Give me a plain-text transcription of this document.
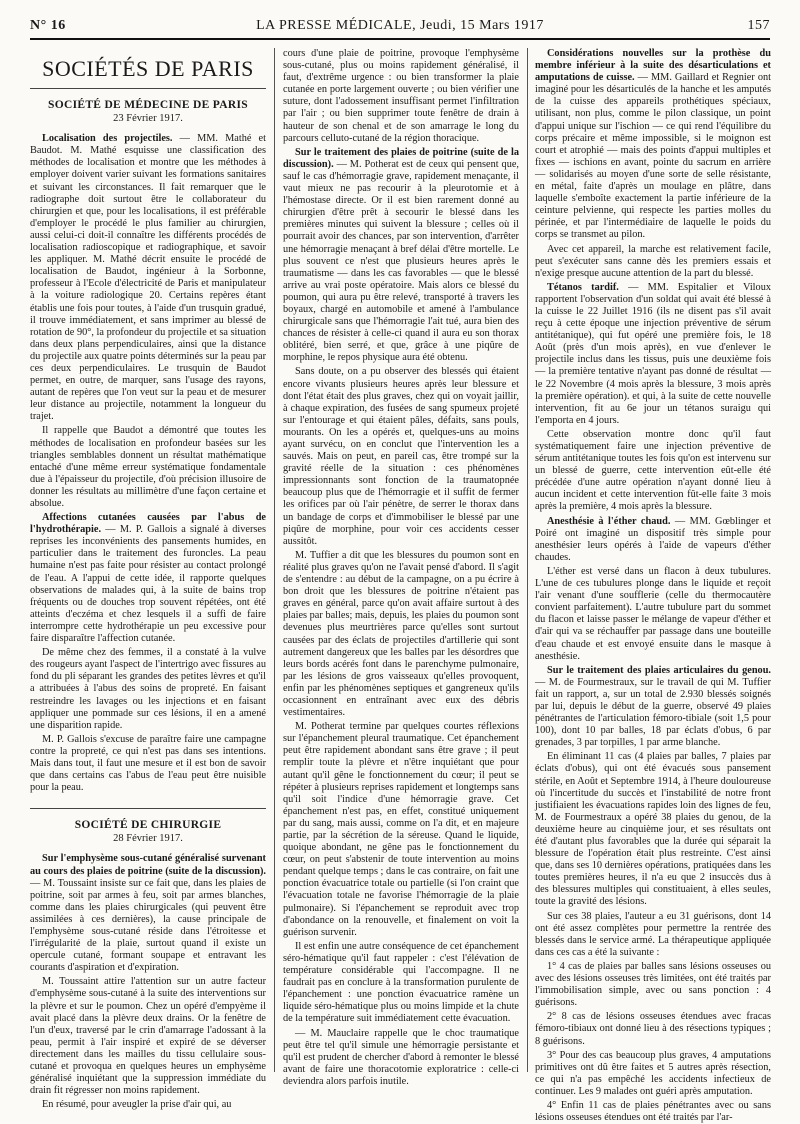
N° 16	LA PRESSE MÉDICALE, Jeudi, 15 Mars 1917	157
SOCIÉTÉS DE PARIS
SOCIÉTÉ DE MÉDECINE DE PARIS
23 Février 1917.

Localisation des projectiles. — MM. Mathé et Baudot. M. Mathé esquisse une classification des méthodes de localisation et montre que les méthodes à employer doivent varier suivant les formations sanitaires et suivant les circonstances. Il fait remarquer que le radiographe doit surtout être le collaborateur du chirurgien et que, pour les localisations, il est préférable d'employer le procédé le plus familier au chirurgien, aussi celui-ci doit-il connaître les différents procédés de localisation radioscopique et radiographique, et savoir les appliquer. M. Mathé décrit ensuite le procédé de localisation de Baudot, ingénieur à la Sorbonne, professeur à l'Ecole d'électricité de Paris et manipulateur à la voiture radiologique 20. Certains repères étant établis une fois pour toutes, à l'aide d'un trusquin gradué, il trouve immédiatement, et sans imprimer au blessé de rotation de 90°, la profondeur du projectile et sa situation dans deux plans perpendiculaires, ainsi que la distance du projectile aux quatre points déterminés sur la peau par ces deux perpendiculaires. Le trusquin de Baudot permet, en outre, de marquer, sans l'usage des rayons, autant de repères que l'on veut sur la peau et de mesurer leur distance au projectile, notamment la longueur du trajet.

Il rappelle que Baudot a démontré que toutes les méthodes de localisation en profondeur basées sur les triangles semblables donnent un résultat mathématique entaché d'une même erreur systématique fondamentale due à l'épaisseur du projectile, d'où précision illusoire de donner les résultats au millimètre d'une façon certaine et absolue.

Affections cutanées causées par l'abus de l'hydrothérapie. — M. P. Gallois a signalé à diverses reprises les inconvénients des pansements humides, en particulier dans le traitement des furoncles. La peau humaine n'est pas faite pour résister au contact prolongé de l'eau. A l'appui de cette idée, il rapporte quelques observations de malades qui, à la suite de bains trop fréquents ou de douches trop souvent répétées, ont été atteints d'eczéma et chez lesquels il a suffi de faire interrompre cette hydrothérapie un peu excessive pour faire disparaître l'affection cutanée.

De même chez des femmes, il a constaté à la vulve des rougeurs ayant l'aspect de l'intertrigo avec fissures au fond du pli séparant les grandes des petites lèvres et qu'il a attribuées à l'abus des soins de propreté. En faisant restreindre les lavages ou les injections et en faisant appliquer une pommade sur ces lésions, il en a amené une disparition rapide.

M. P. Gallois s'excuse de paraître faire une campagne contre la propreté, ce qui n'est pas dans ses intentions. Mais dans tout, il faut une mesure et il est bon de savoir que dans certains cas l'abus de l'eau peut être nuisible pour la peau.

SOCIÉTÉ DE CHIRURGIE
28 Février 1917.

Sur l'emphysème sous-cutané généralisé survenant au cours des plaies de poitrine (suite de la discussion). — M. Toussaint insiste sur ce fait que, dans les plaies de poitrine, soit par armes à feu, soit par armes blanches, comme dans les plaies chirurgicales (qui peuvent être assimilées à ces dernières), la cause principale de l'emphysème sous-cutané réside dans l'étroitesse et l'irrégularité de la plaie, surtout quand il existe un opercule cutané, formant soupape et entravant les courants d'aspiration et d'expiration.

M. Toussaint attire l'attention sur un autre facteur d'emphysème sous-cutané à la suite des interventions sur la plèvre et sur le poumon. Chez un opéré d'empyème il avait placé dans la plèvre deux drains. Or la fenêtre de l'un d'eux, traversé par le crin d'amarrage l'adossant à la peau, permit à l'air inspiré et expiré de se déverser directement dans les mailles du tissu cellulaire sous-cutané et provoqua en quelques heures un emphysème généralisé inquiétant que la suppression immédiate du drain fit régresser non moins rapidement.

En résumé, pour aveugler la prise d'air qui, au

cours d'une plaie de poitrine, provoque l'emphysème sous-cutané, plus ou moins rapidement généralisé, il faut, d'extrême urgence : ou bien transformer la plaie cutanée en porte largement ouverte ; ou bien vérifier une suture, dont l'adossement insuffisant permet l'infiltration par l'air ; ou bien supprimer toute fenêtre de drain à hauteur de son chenal et de son amarrage le long du parcours celluto-cutané de la région thoracique.

Sur le traitement des plaies de poitrine (suite de la discussion). — M. Potherat est de ceux qui pensent que, sauf le cas d'hémorragie grave, rapidement menaçante, il vaut mieux ne pas recourir à la pleurotomie et à l'hémostase directe. Or il est bien rarement donné au chirurgien d'être prêt à secourir le blessé dans les premières minutes qui suivent la blessure ; celles où il pourrait avoir des chances, par son intervention, d'arrêter une hémorragie menaçant à bref délai d'être mortelle. Le plus souvent ce n'est que plusieurs heures après le traumatisme — dans les cas favorables — que le blessé arrive au vrai poste opératoire. Mais alors ce blessé du poumon, qui aura pu être relevé, transporté à travers les boyaux, chargé en automobile et amené à l'ambulance chirurgicale sans que l'hémorragie l'ait tué, aura bien des chances de résister à celle-ci quand il aura eu son thorax oblitéré, bien serré, et que, grâce à une piqûre de morphine, le repos physique aura été obtenu.

Sans doute, on a pu observer des blessés qui étaient encore vivants plusieurs heures après leur blessure et dont l'état était des plus graves, chez qui on voyait jaillir, à chaque expiration, des fusées de sang spumeux projeté sur l'entourage et qui étaient pâles, défaits, sans pouls, mourants. On les a opérés et, quelques-uns au moins ayant survécu, on en conclut que l'intervention les a sauvés. Mais on peut, en pareil cas, être trompé sur la gravité réelle de la situation : ces phénomènes impressionnants sont fonction de la traumatopnée beaucoup plus que de l'hémorragie et il suffit de fermer les orifices par où l'air pénètre, de serrer le thorax dans un bandage de corps et d'immobiliser le blessé par une piqûre de morphine, pour voir ces accidents cesser aussitôt.

M. Tuffier a dit que les blessures du poumon sont en réalité plus graves qu'on ne l'avait pensé d'abord. Il s'agit de s'entendre : au début de la campagne, on a pu écrire à bon droit que les blessures de poitrine n'étaient pas graves en général, parce qu'on avait affaire surtout à des plaies par balles; mais, depuis, les plaies du poumon sont devenues plus meurtrières parce qu'elles sont surtout causées par des éclats de projectiles d'artillerie qui sont autrement dangereux que les balles par les désordres que leurs bords acérés font dans le parenchyme pulmonaire, par les lésions de gros vaisseaux qu'elles provoquent, enfin par les phénomènes septiques et gangreneux qu'ils occasionnent en entraînant avec eux des débris vestimentaires.

M. Potherat termine par quelques courtes réflexions sur l'épanchement pleural traumatique. Cet épanchement peut être rapidement abondant sans être grave ; il peut remplir toute la plèvre et n'être inquiétant que pour autant qu'il gêne le fonctionnement du cœur; il peut se répéter à plusieurs reprises rapidement et longtemps sans qu'il soit l'indice d'une hémorragie grave. Cet épanchement n'est pas, en effet, constitué uniquement par du sang, mais aussi, comme on l'a dit, et en majeure partie, par la sécrétion de la séreuse. Quand le liquide, quoique abondant, ne gêne pas le fonctionnement du cœur, on peut s'abstenir de toute intervention au moins pendant quelque temps ; dans le cas contraire, on fait une ponction évacuatrice totale ou partielle (si l'on craint que l'évacuation totale ne favorise l'hémorragie de la plaie pulmonaire). Si l'épanchement se reproduit avec trop d'abondance on la renouvelle, et finalement on voit la guérison survenir.

Il est enfin une autre conséquence de cet épanchement séro-hématique qu'il faut rappeler : c'est l'élévation de température considérable qui l'accompagne. Il ne faudrait pas en conclure à la transformation purulente de l'épanchement : une ponction évacuatrice ramène un liquide séro-hématique plus ou moins limpide et la chute de la température suit immédiatement cette évacuation.

— M. Mauclaire rappelle que le choc traumatique peut être tel qu'il simule une hémorragie persistante et qu'il est prudent de chercher d'abord à remonter le blessé avant de faire une thoracotomie exploratrice : celle-ci deviendra alors parfois inutile.

Considérations nouvelles sur la prothèse du membre inférieur à la suite des désarticulations et amputations de cuisse. — MM. Gaillard et Regnier ont imaginé pour les désarticulés de la hanche et les amputés de la cuisse des appareils prothétiques spéciaux, utilisant, non plus, comme le pilon classique, un point d'appui unique sur l'ischion — ce qui rend l'équilibre du corps précaire et même impossible, si le moignon est court et atrophié — mais des points d'appui multiples et fixes — ischions en avant, pointe du sacrum en arrière — solidarisés au moyen d'une sorte de selle résistante, en métal, faite d'après un moulage en plâtre, dans laquelle s'emboîte exactement la partie inférieure de la ceinture pelvienne, qui respecte les parties molles du périnée, et par l'intermédiaire de laquelle le poids du corps se transmet au pilon.

Avec cet appareil, la marche est relativement facile, peut s'exécuter sans canne dès les premiers essais et n'exige presque aucune attention de la part du blessé.

Tétanos tardif. — MM. Espitalier et Viloux rapportent l'observation d'un soldat qui avait été blessé à la cuisse le 22 Juillet 1916 (ils ne disent pas s'il avait reçu à cette époque une injection préventive de sérum antitétanique), qui fut opéré une première fois, le 18 Août (près d'un mois après), en vue d'enlever le projectile inclus dans les tissus, puis une deuxième fois — la première tentative n'ayant pas donné de résultat — le 22 Novembre (4 mois après la blessure, 3 mois après la première opération). et qui, à la suite de cette nouvelle intervention, fit au 6e jour un tétanos suraigu qui l'emporta en 4 jours.

Cette observation montre donc qu'il faut systématiquement faire une injection préventive de sérum antitétanique toutes les fois qu'on est intervenu sur un blessé de guerre, cette intervention eût-elle été précédée d'une autre opération n'ayant donné lieu à aucun incident et cette intervention fût-elle faite 3 mois après la première, 4 mois après la blessure.

Anesthésie à l'éther chaud. — MM. Gœblinger et Poiré ont imaginé un dispositif très simple pour anesthésier leurs opérés à l'aide de vapeurs d'éther chaudes.

L'éther est versé dans un flacon à deux tubulures. L'une de ces tubulures plonge dans le liquide et reçoit l'air venant d'une soufflerie (celle du thermocautère convient parfaitement). L'autre tubulure part du sommet du flacon et laisse passer le mélange de vapeur d'éther et d'air qui va se réchauffer par passage dans une bouteille d'eau chaude et est envoyé ensuite dans le masque à anesthésie.

Sur le traitement des plaies articulaires du genou. — M. de Fourmestraux, sur le travail de qui M. Tuffier fait un rapport, a, sur un total de 2.930 blessés soignés par lui, depuis le début de la guerre, observé 49 plaies pénétrantes de l'articulation fémoro-tibiale (soit 1,5 pour 100), dont 10 par balles, 18 par éclats d'obus, 6 par grenades, 3 par torpilles, 1 par arme blanche.

En éliminant 11 cas (4 plaies par balles, 7 plaies par éclats d'obus), qui ont été évacués sous pansement stérile, en Août et Septembre 1914, à l'heure douloureuse où l'incertitude du succès et l'instabilité de notre front justifiaient les évacuations rapides loin des lignes de feu, M. de Fourmestraux a opéré 38 plaies du genou, de la deuxième heure au cinquième jour, et ses résultats ont été d'autant plus favorables que la durée qui séparait la blessure de l'opération était plus restreinte. C'est ainsi que, dans ses 10 dernières opérations, pratiquées dans les toutes premières heures, il n'a eu que 2 insuccès dus à des blessures multiples qui constituaient, à elles seules, toute la gravité des lésions.

Sur ces 38 plaies, l'auteur a eu 31 guérisons, dont 14 ont été assez complètes pour permettre la rentrée des blessés dans le service armé. La thérapeutique appliquée dans ces cas a été la suivante :

1° 4 cas de plaies par balles sans lésions osseuses ou avec des lésions osseuses très limitées, ont été traités par l'immobilisation simple, avec ou sans ponction : 4 guérisons.

2° 8 cas de lésions osseuses étendues avec fracas fémoro-tibiaux ont donné lieu à des résections typiques ; 8 guérisons.

3° Pour des cas beaucoup plus graves, 4 amputations primitives ont dû être faites et 5 autres après résection, ce qui n'a pas empêché les accidents infectieux de continuer. Les 9 malades ont guéri après amputation.

4° Enfin 11 cas de plaies pénétrantes avec ou sans lésions osseuses étendues ont été traités par l'ar-
